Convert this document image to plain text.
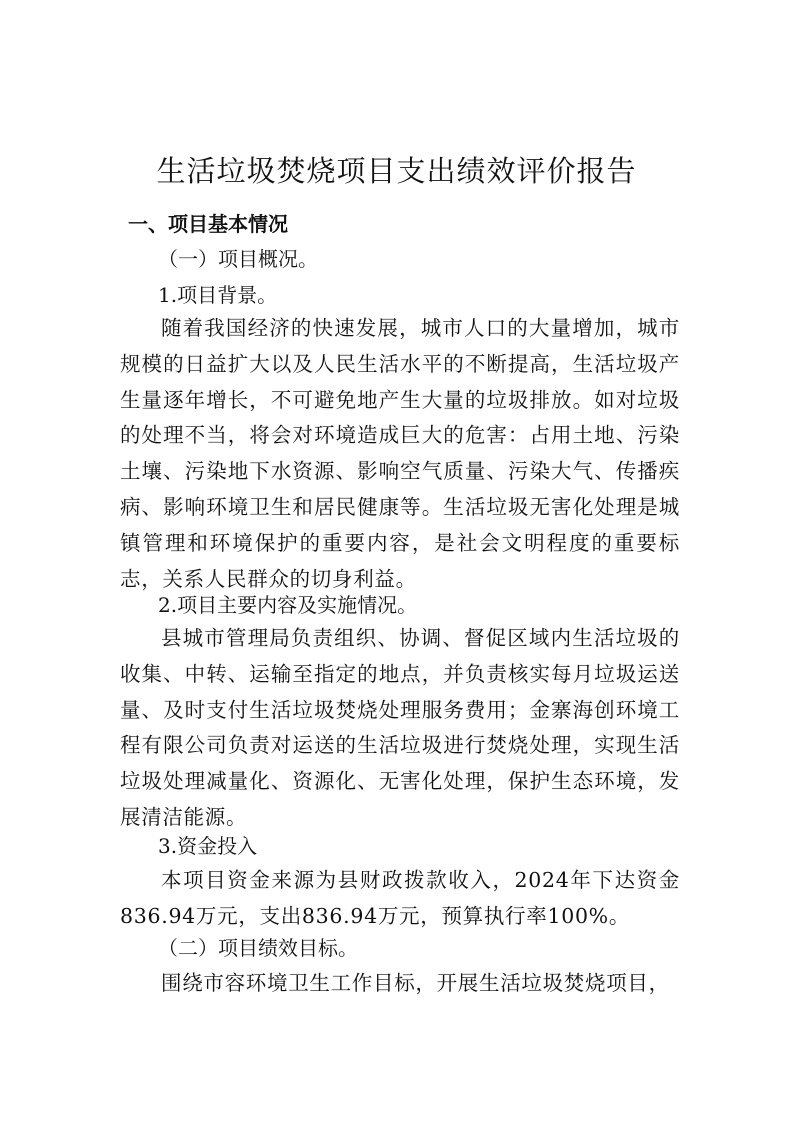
生活垃圾焚烧项目支出绩效评价报告
一、项目基本情况
（一）项目概况。
1.项目背景。

随着我国经济的快速发展，城市人口的大量增加，城市规模的日益扩大以及人民生活水平的不断提高，生活垃圾产生量逐年增长，不可避免地产生大量的垃圾排放。如对垃圾的处理不当，将会对环境造成巨大的危害：占用土地、污染土壤、污染地下水资源、影响空气质量、污染大气、传播疾病、影响环境卫生和居民健康等。生活垃圾无害化处理是城镇管理和环境保护的重要内容，是社会文明程度的重要标志，关系人民群众的切身利益。

2.项目主要内容及实施情况。

县城市管理局负责组织、协调、督促区域内生活垃圾的收集、中转、运输至指定的地点，并负责核实每月垃圾运送量、及时支付生活垃圾焚烧处理服务费用；金寨海创环境工程有限公司负责对运送的生活垃圾进行焚烧处理，实现生活垃圾处理减量化、资源化、无害化处理，保护生态环境，发展清洁能源。

3.资金投入

本项目资金来源为县财政拨款收入，2024年下达资金836.94万元，支出836.94万元，预算执行率100%。

（二）项目绩效目标。

围绕市容环境卫生工作目标，开展生活垃圾焚烧项目，
